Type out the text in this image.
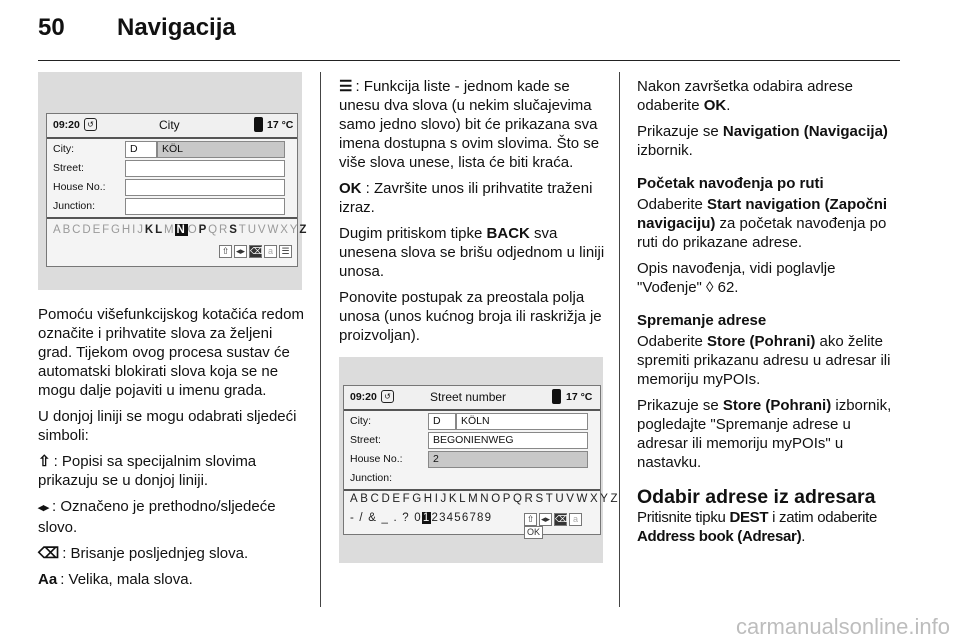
50 Navigacija
09:20 ↺	City	17 °C
City:	D KÖL
Street:
House No.:
Junction:
ABCDEFGHIJKLMNOPQRSTUVWXYZ
⇧ ◂▸ ⌫ a ☰

Pomoću višefunkcijskog kotačića redom označite i prihvatite slova za željeni grad. Tijekom ovog procesa sustav će automatski blokirati slova koja se ne mogu dalje pojaviti u imenu grada.

U donjoj liniji se mogu odabrati sljedeći simboli:

⇧ : Popisi sa specijalnim slovima prikazuju se u donjoj liniji.

◂▸ : Označeno je prethodno/sljedeće slovo.

⌫ : Brisanje posljednjeg slova.

Aa : Velika, mala slova.

☰ : Funkcija liste - jednom kade se unesu dva slova (u nekim slučajevima samo jedno slovo) bit će prikazana sva imena dostupna s ovim slovima. Što se više slova unese, lista će biti kraća.

OK : Završite unos ili prihvatite traženi izraz.

Dugim pritiskom tipke BACK sva unesena slova se brišu odjednom u liniji unosa.

Ponovite postupak za preostala polja unosa (unos kućnog broja ili raskrižja je proizvoljan).

09:20 ↺	Street number	17 °C
City:	D KÖLN
Street:	BEGONIENWEG
House No.:	2
Junction:
ABCDEFGHIJKLMNOPQRSTUVWXYZ
- / & _ . ? 0123456789	⇧ ◂▸ ⌫ aOK

Nakon završetka odabira adrese odaberite OK.

Prikazuje se Navigation (Navigacija) izbornik.

Početak navođenja po ruti

Odaberite Start navigation (Započni navigaciju) za početak navođenja po ruti do prikazane adrese.

Opis navođenja, vidi poglavlje "Vođenje" ◊ 62.

Spremanje adrese

Odaberite Store (Pohrani) ako želite spremiti prikazanu adresu u adresar ili memoriju myPOIs.

Prikazuje se Store (Pohrani) izbornik, pogledajte "Spremanje adrese u adresar ili memoriju myPOIs" u nastavku.

Odabir adrese iz adresara

Pritisnite tipku DEST i zatim odaberite Address book (Adresar).

carmanualsonline.info
